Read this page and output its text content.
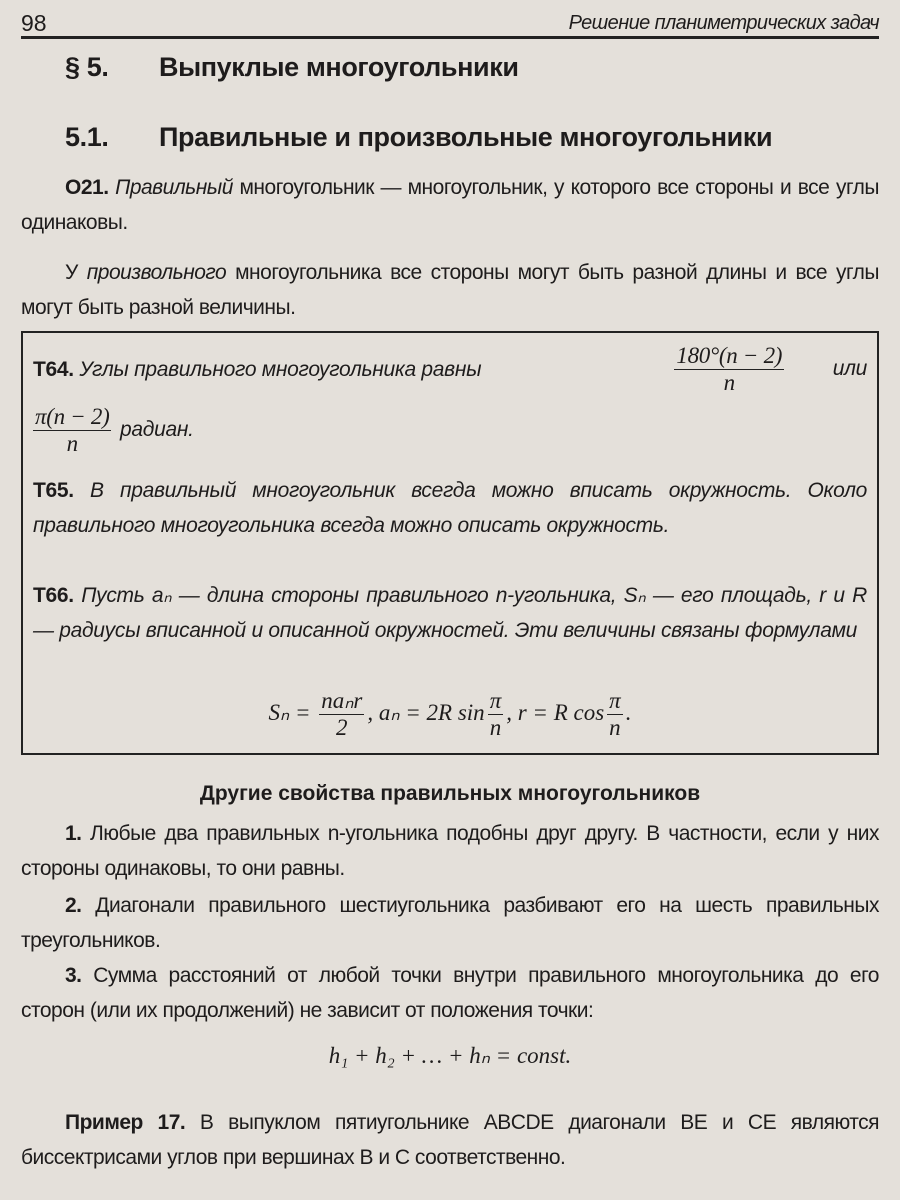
98	Решение планиметрических задач
§ 5. Выпуклые многоугольники
5.1. Правильные и произвольные многоугольники
О21. Правильный многоугольник — многоугольник, у которого все стороны и все углы одинаковы.
У произвольного многоугольника все стороны могут быть разной длины и все углы могут быть разной величины.
Т64. Углы правильного многоугольника равны	$\frac{180^\circ(n - 2)}{n}$ или
$\frac{\pi(n - 2)}{n}$ радиан.
Т65. В правильный многоугольник всегда можно вписать окружность. Около правильного многоугольника всегда можно описать окружность.
Т66. Пусть aₙ — длина стороны правильного n-угольника, Sₙ — его площадь, r и R — радиусы вписанной и описанной окружностей. Эти величины связаны формулами
$S_n = \frac{\text{naₙr}}{2}$ , aₙ = 2R $\sin \frac{\pi}{n}$ , r = R $\cos \frac{\pi}{n}$ .
Другие свойства правильных многоугольников
1. Любые два правильных n-угольника подобны друг другу. В частности, если у них стороны одинаковы, то они равны.
2. Диагонали правильного шестиугольника разбивают его на шесть правильных треугольников.
3. Сумма расстояний от любой точки внутри правильного многоугольника до его сторон (или их продолжений) не зависит от положения точки:
h₁ + h₂ + … + hₙ = const.
Пример 17. В выпуклом пятиугольнике ABCDE диагонали BE и CE являются биссектрисами углов при вершинах B и C соответственно.
